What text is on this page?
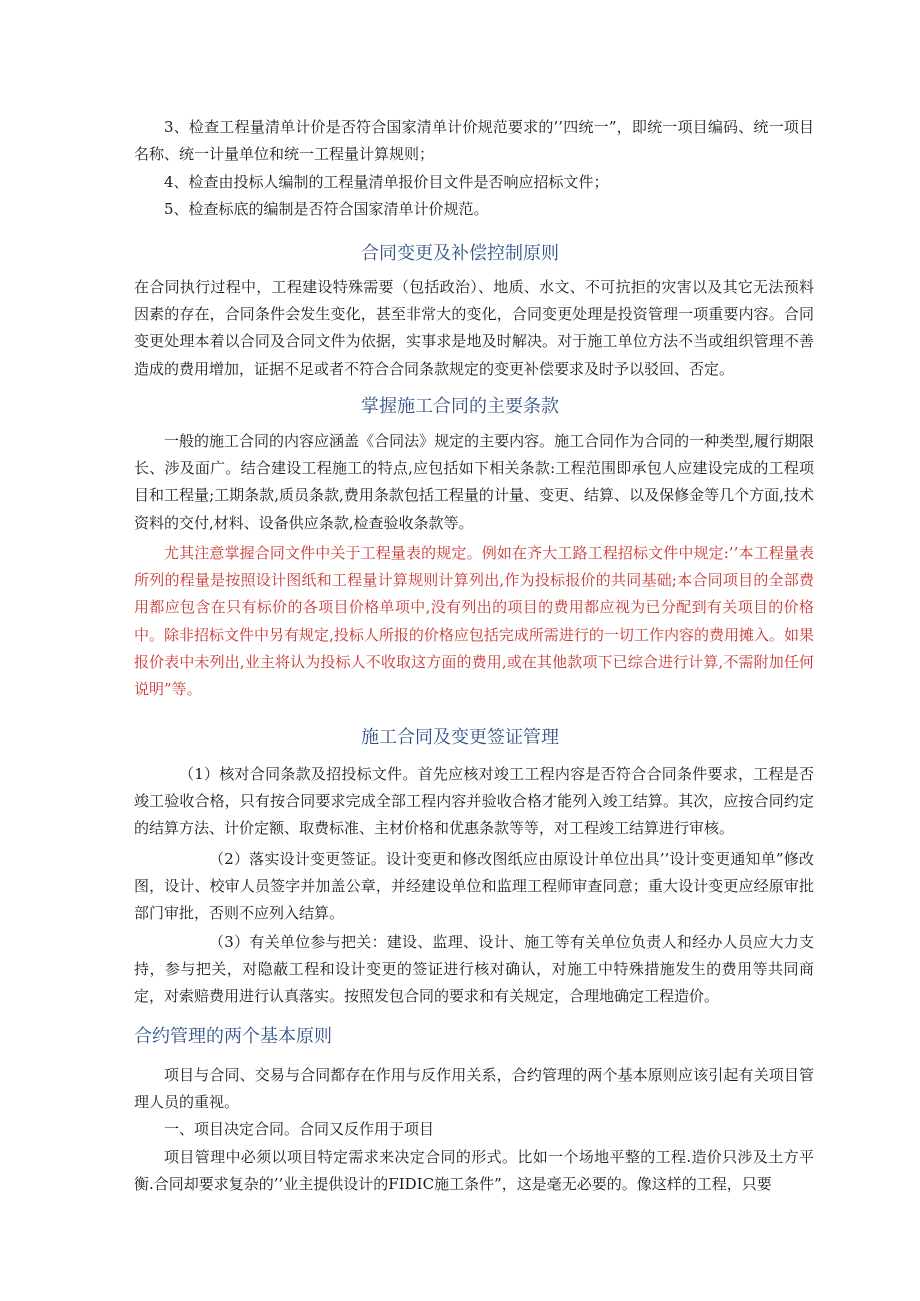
3、检查工程量清单计价是否符合国家清单计价规范要求的’’四统一”，即统一项目编码、统一项目名称、统一计量单位和统一工程量计算规则；

4、检查由投标人编制的工程量清单报价目文件是否响应招标文件；

5、检查标底的编制是否符合国家清单计价规范。

合同变更及补偿控制原则

在合同执行过程中，工程建设特殊需要（包括政治）、地质、水文、不可抗拒的灾害以及其它无法预料因素的存在，合同条件会发生变化，甚至非常大的变化，合同变更处理是投资管理一项重要内容。合同变更处理本着以合同及合同文件为依据，实事求是地及时解决。对于施工单位方法不当或组织管理不善造成的费用增加，证据不足或者不符合合同条款规定的变更补偿要求及时予以驳回、否定。

掌握施工合同的主要条款

一般的施工合同的内容应涵盖《合同法》规定的主要内容。施工合同作为合同的一种类型,履行期限长、涉及面广。结合建设工程施工的特点,应包括如下相关条款:工程范围即承包人应建设完成的工程项目和工程量;工期条款,质员条款,费用条款包括工程量的计量、变更、结算、以及保修金等几个方面,技术资料的交付,材料、设备供应条款,检查验收条款等。

尤其注意掌握合同文件中关于工程量表的规定。例如在齐大工路工程招标文件中规定:’’本工程量表所列的程量是按照设计图纸和工程量计算规则计算列出,作为投标报价的共同基础;本合同项目的全部费用都应包含在只有标价的各项目价格单项中,没有列出的项目的费用都应视为已分配到有关项目的价格中。除非招标文件中另有规定,投标人所报的价格应包括完成所需进行的一切工作内容的费用摊入。如果报价表中未列出,业主将认为投标人不收取这方面的费用,或在其他款项下已综合进行计算,不需附加任何说明”等。

施工合同及变更签证管理

（1）核对合同条款及招投标文件。首先应核对竣工工程内容是否符合合同条件要求，工程是否竣工验收合格，只有按合同要求完成全部工程内容并验收合格才能列入竣工结算。其次，应按合同约定的结算方法、计价定额、取费标准、主材价格和优惠条款等等，对工程竣工结算进行审核。

（2）落实设计变更签证。设计变更和修改图纸应由原设计单位出具’’设计变更通知单”修改图，设计、校审人员签字并加盖公章，并经建设单位和监理工程师审查同意；重大设计变更应经原审批部门审批，否则不应列入结算。

（3）有关单位参与把关：建设、监理、设计、施工等有关单位负责人和经办人员应大力支持，参与把关，对隐蔽工程和设计变更的签证进行核对确认，对施工中特殊措施发生的费用等共同商定，对索赔费用进行认真落实。按照发包合同的要求和有关规定，合理地确定工程造价。

合约管理的两个基本原则

项目与合同、交易与合同都存在作用与反作用关系，合约管理的两个基本原则应该引起有关项目管理人员的重视。

一、项目决定合同。合同又反作用于项目

项目管理中必须以项目特定需求来决定合同的形式。比如一个场地平整的工程.造价只涉及土方平衡.合同却要求复杂的’’业主提供设计的FIDIC施工条件”，这是毫无必要的。像这样的工程，只要
